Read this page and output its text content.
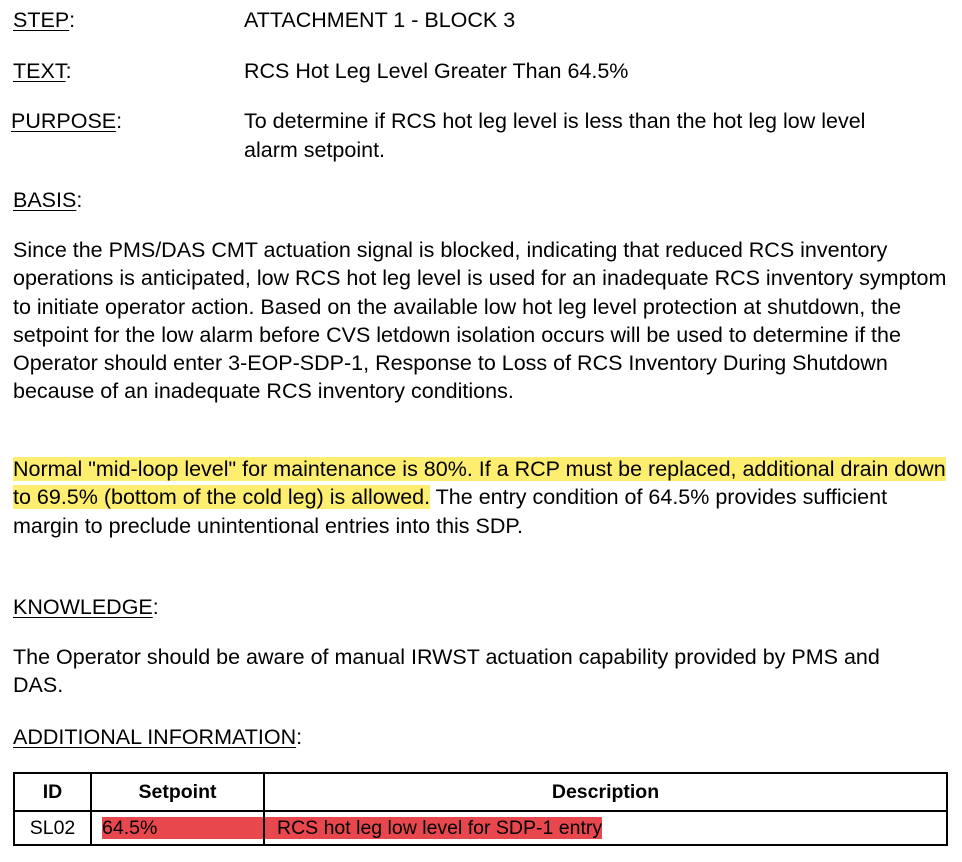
STEP:	ATTACHMENT 1 - BLOCK 3
TEXT:	RCS Hot Leg Level Greater Than 64.5%
PURPOSE:	To determine if RCS hot leg level is less than the hot leg low level alarm setpoint.
BASIS:
Since the PMS/DAS CMT actuation signal is blocked, indicating that reduced RCS inventory operations is anticipated, low RCS hot leg level is used for an inadequate RCS inventory symptom to initiate operator action. Based on the available low hot leg level protection at shutdown, the setpoint for the low alarm before CVS letdown isolation occurs will be used to determine if the Operator should enter 3-EOP-SDP-1, Response to Loss of RCS Inventory During Shutdown because of an inadequate RCS inventory conditions.
Normal "mid-loop level" for maintenance is 80%. If a RCP must be replaced, additional drain down to 69.5% (bottom of the cold leg) is allowed. The entry condition of 64.5% provides sufficient margin to preclude unintentional entries into this SDP.
KNOWLEDGE:
The Operator should be aware of manual IRWST actuation capability provided by PMS and DAS.
ADDITIONAL INFORMATION:
ID	Setpoint	Description
SL02	64.5%	RCS hot leg low level for SDP-1 entry
